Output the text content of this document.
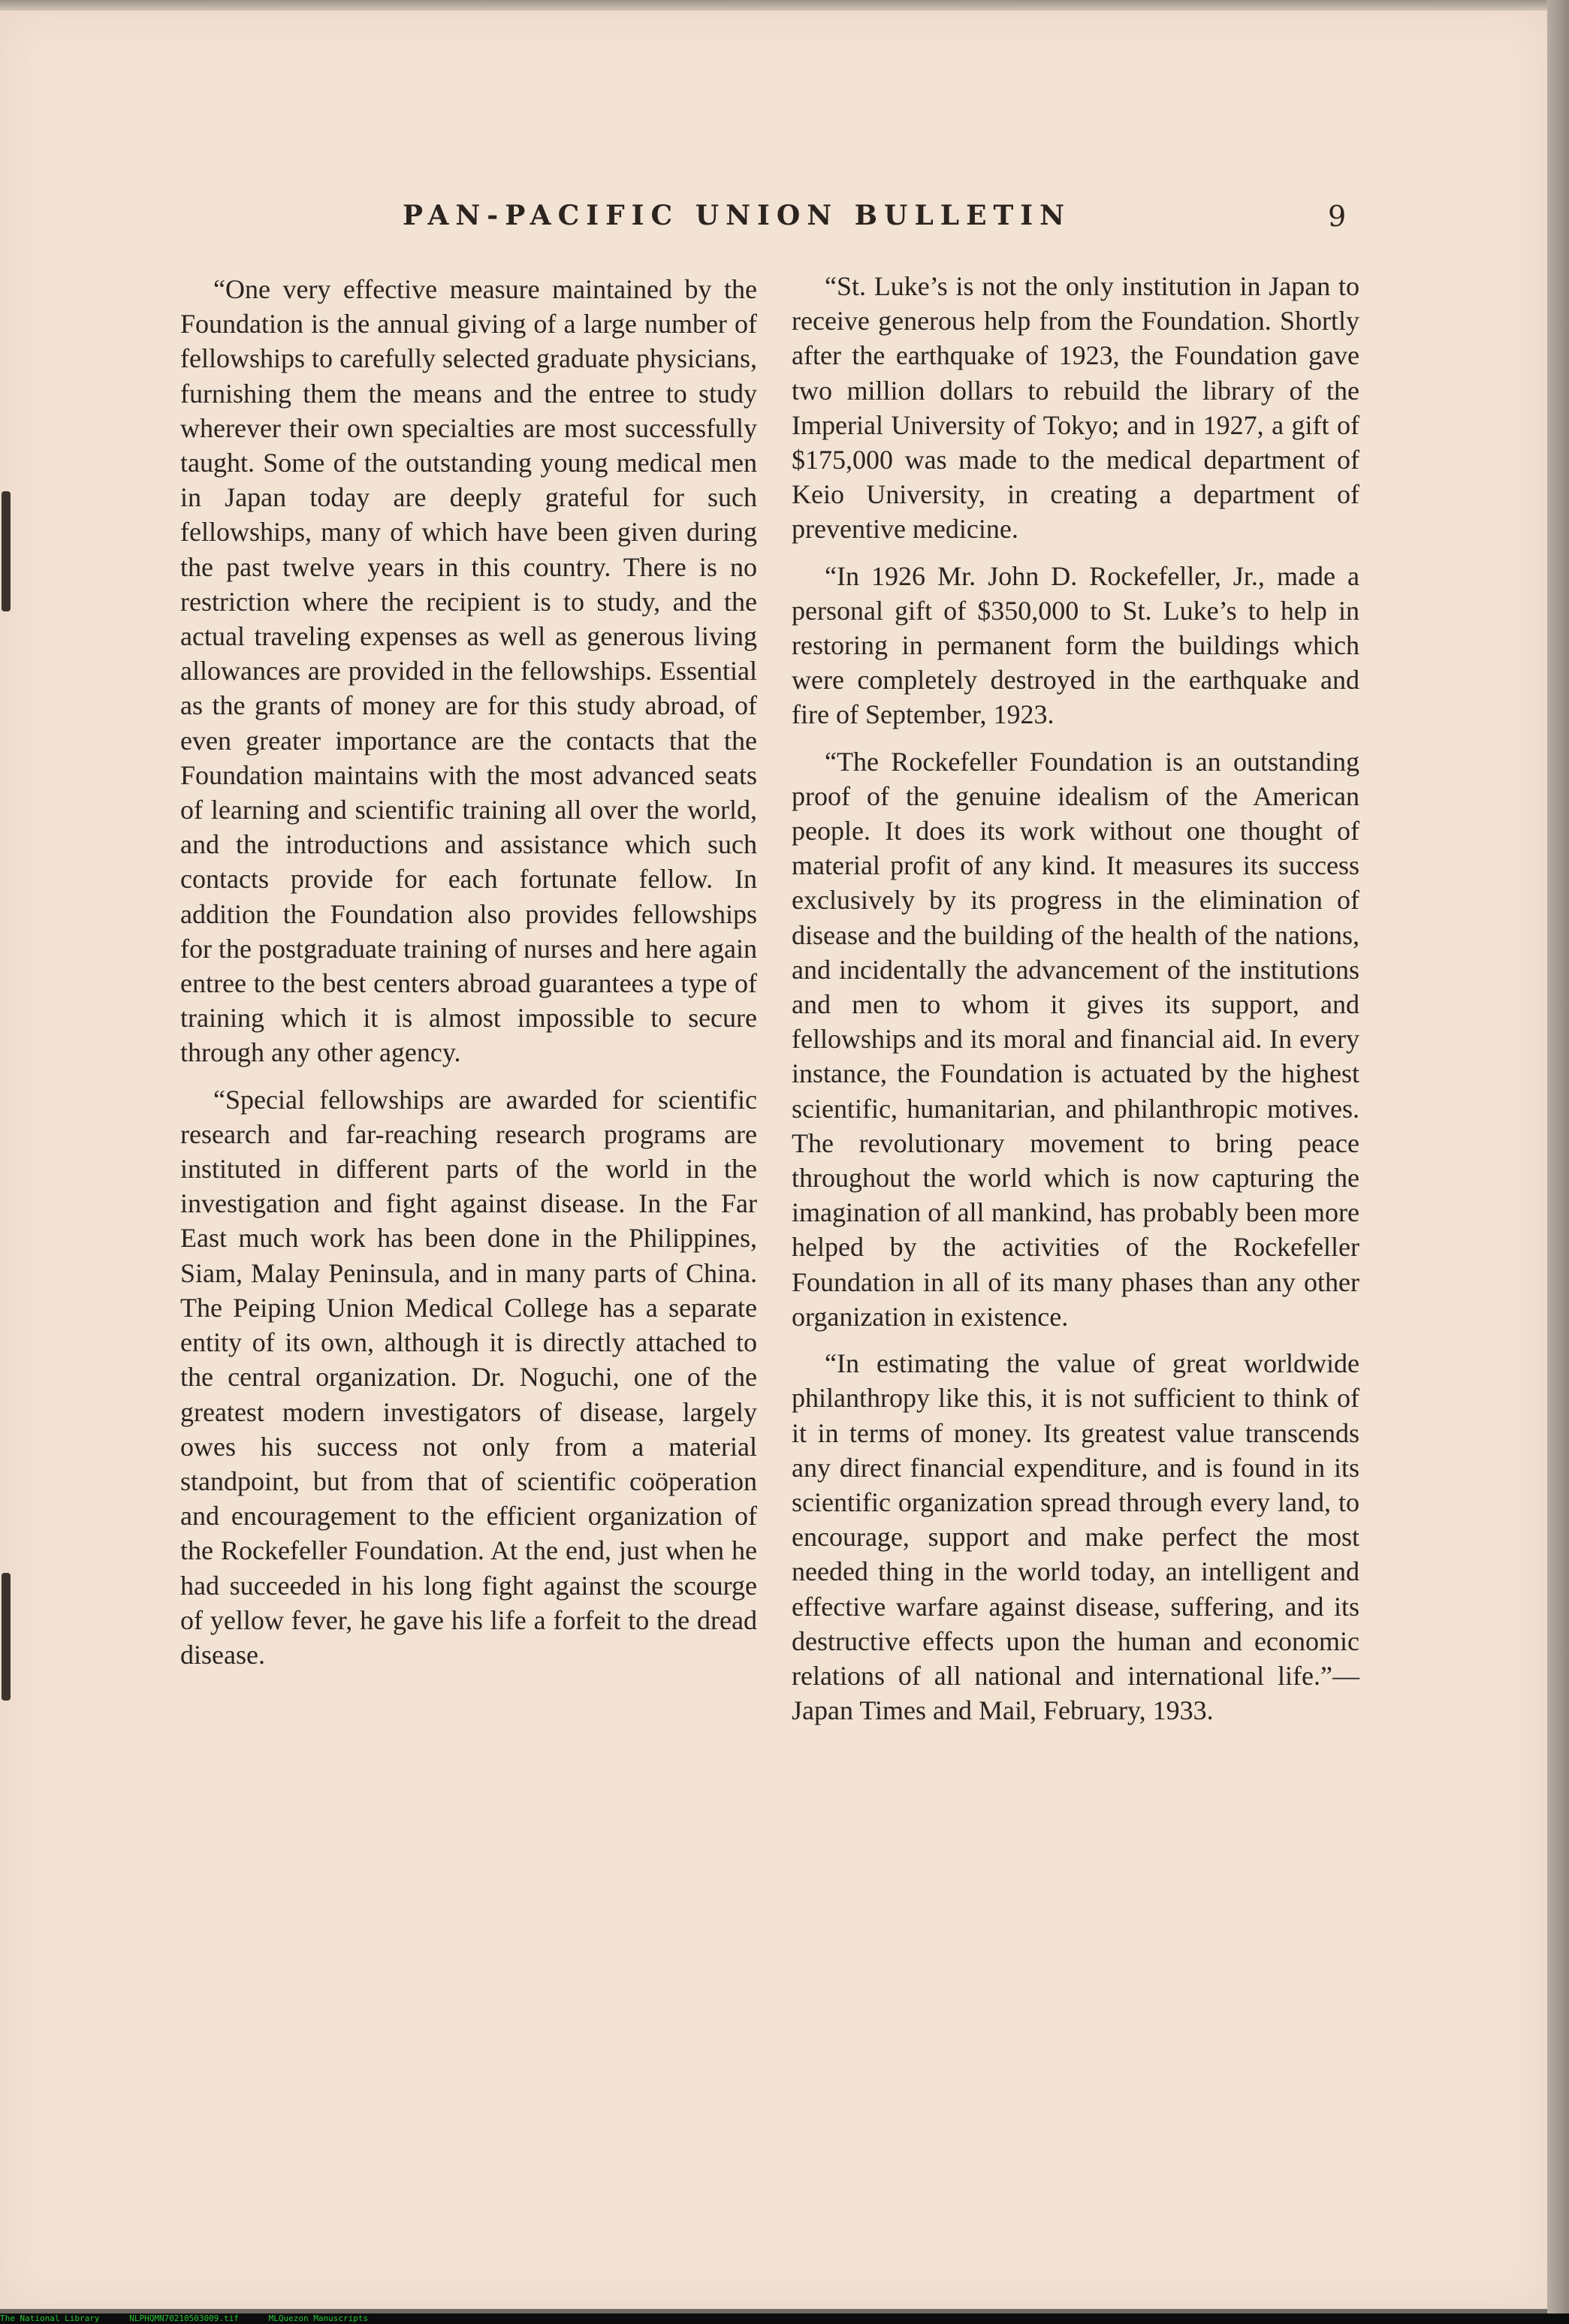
PAN-PACIFIC UNION BULLETIN	9

“One very effective measure maintained by the Foundation is the annual giving of a large number of fellowships to carefully selected graduate physicians, furnishing them the means and the entree to study wherever their own specialties are most successfully taught. Some of the outstanding young medical men in Japan today are deeply grateful for such fellowships, many of which have been given during the past twelve years in this country. There is no restriction where the recipient is to study, and the actual traveling expenses as well as generous living allowances are provided in the fellowships. Essential as the grants of money are for this study abroad, of even greater importance are the contacts that the Foundation maintains with the most advanced seats of learning and scientific training all over the world, and the introductions and assistance which such contacts provide for each fortunate fellow. In addition the Foundation also provides fellowships for the postgraduate training of nurses and here again entree to the best centers abroad guarantees a type of training which it is almost impossible to secure through any other agency.

“Special fellowships are awarded for scientific research and far-reaching research programs are instituted in different parts of the world in the investigation and fight against disease. In the Far East much work has been done in the Philippines, Siam, Malay Peninsula, and in many parts of China. The Peiping Union Medical College has a separate entity of its own, although it is directly attached to the central organization. Dr. Noguchi, one of the greatest modern investigators of disease, largely owes his success not only from a material standpoint, but from that of scientific coöperation and encouragement to the efficient organization of the Rockefeller Foundation. At the end, just when he had succeeded in his long fight against the scourge of yellow fever, he gave his life a forfeit to the dread disease.

“St. Luke’s is not the only institution in Japan to receive generous help from the Foundation. Shortly after the earthquake of 1923, the Foundation gave two million dollars to rebuild the library of the Imperial University of Tokyo; and in 1927, a gift of $175,000 was made to the medical department of Keio University, in creating a department of preventive medicine.

“In 1926 Mr. John D. Rockefeller, Jr., made a personal gift of $350,000 to St. Luke’s to help in restoring in permanent form the buildings which were completely destroyed in the earthquake and fire of September, 1923.

“The Rockefeller Foundation is an outstanding proof of the genuine idealism of the American people. It does its work without one thought of material profit of any kind. It measures its success exclusively by its progress in the elimination of disease and the building of the health of the nations, and incidentally the advancement of the institutions and men to whom it gives its support, and fellowships and its moral and financial aid. In every instance, the Foundation is actuated by the highest scientific, humanitarian, and philanthropic motives. The revolutionary movement to bring peace throughout the world which is now capturing the imagination of all mankind, has probably been more helped by the activities of the Rockefeller Foundation in all of its many phases than any other organization in existence.

“In estimating the value of great worldwide philanthropy like this, it is not sufficient to think of it in terms of money. Its greatest value transcends any direct financial expenditure, and is found in its scientific organization spread through every land, to encourage, support and make perfect the most needed thing in the world today, an intelligent and effective warfare against disease, suffering, and its destructive effects upon the human and economic relations of all national and international life.”—Japan Times and Mail, February, 1933.

The National Library	NLPHQMN70210503009.tif	MLQuezon Manuscripts
